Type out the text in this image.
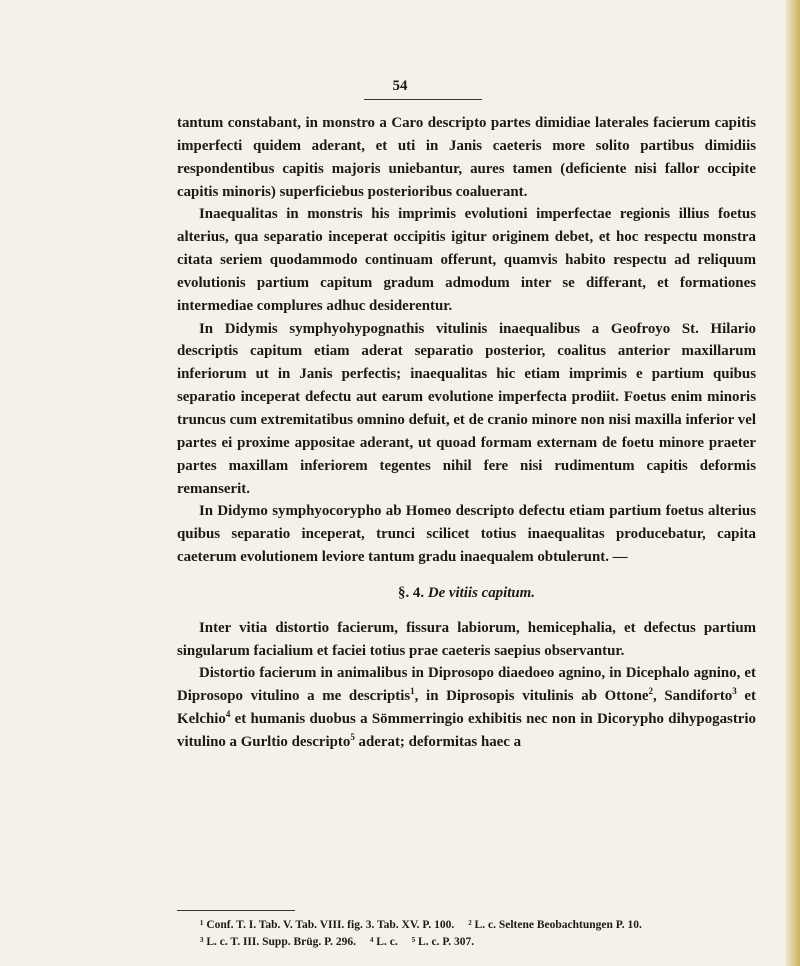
54

tantum constabant, in monstro a Caro descripto partes dimidiae laterales facierum capitis imperfecti quidem aderant, et uti in Janis caeteris more solito partibus dimidiis respondentibus capitis majoris uniebantur, aures tamen (deficiente nisi fallor occipite capitis minoris) superficiebus posterioribus coaluerant.

Inaequalitas in monstris his imprimis evolutioni imperfectae regionis illius foetus alterius, qua separatio inceperat occipitis igitur originem debet, et hoc respectu monstra citata seriem quodammodo continuam offerunt, quamvis habito respectu ad reliquum evolutionis partium capitum gradum admodum inter se differant, et formationes intermediae complures adhuc desiderentur.

In Didymis symphyohypognathis vitulinis inaequalibus a Geofroyo St. Hilario descriptis capitum etiam aderat separatio posterior, coalitus anterior maxillarum inferiorum ut in Janis perfectis; inaequalitas hic etiam imprimis e partium quibus separatio inceperat defectu aut earum evolutione imperfecta prodiit. Foetus enim minoris truncus cum extremitatibus omnino defuit, et de cranio minore non nisi maxilla inferior vel partes ei proxime appositae aderant, ut quoad formam externam de foetu minore praeter partes maxillam inferiorem tegentes nihil fere nisi rudimentum capitis deformis remanserit.

In Didymo symphyocorypho ab Homeo descripto defectu etiam partium foetus alterius quibus separatio inceperat, trunci scilicet totius inaequalitas producebatur, capita caeterum evolutionem leviore tantum gradu inaequalem obtulerunt. —

§. 4. De vitiis capitum.

Inter vitia distortio facierum, fissura labiorum, hemicephalia, et defectus partium singularum facialium et faciei totius prae caeteris saepius observantur.

Distortio facierum in animalibus in Diprosopo diaedoeo agnino, in Dicephalo agnino, et Diprosopo vitulino a me descriptis$^1$, in Diprosopis vitulinis ab Ottone$^2$, Sandiforto$^3$ et Kelchio$^4$ et humanis duobus a Sömmerringio exhibitis nec non in Dicorypho dihypogastrio vitulino a Gurltio descripto$^5$ aderat; deformitas haec a

¹ Conf. T. I. Tab. V. Tab. VIII. fig. 3. Tab. XV. P. 100. ² L. c. Seltene Beobachtungen P. 10.
³ L. c. T. III. Supp. Brüg. P. 296. ⁴ L. c. ⁵ L. c. P. 307.
